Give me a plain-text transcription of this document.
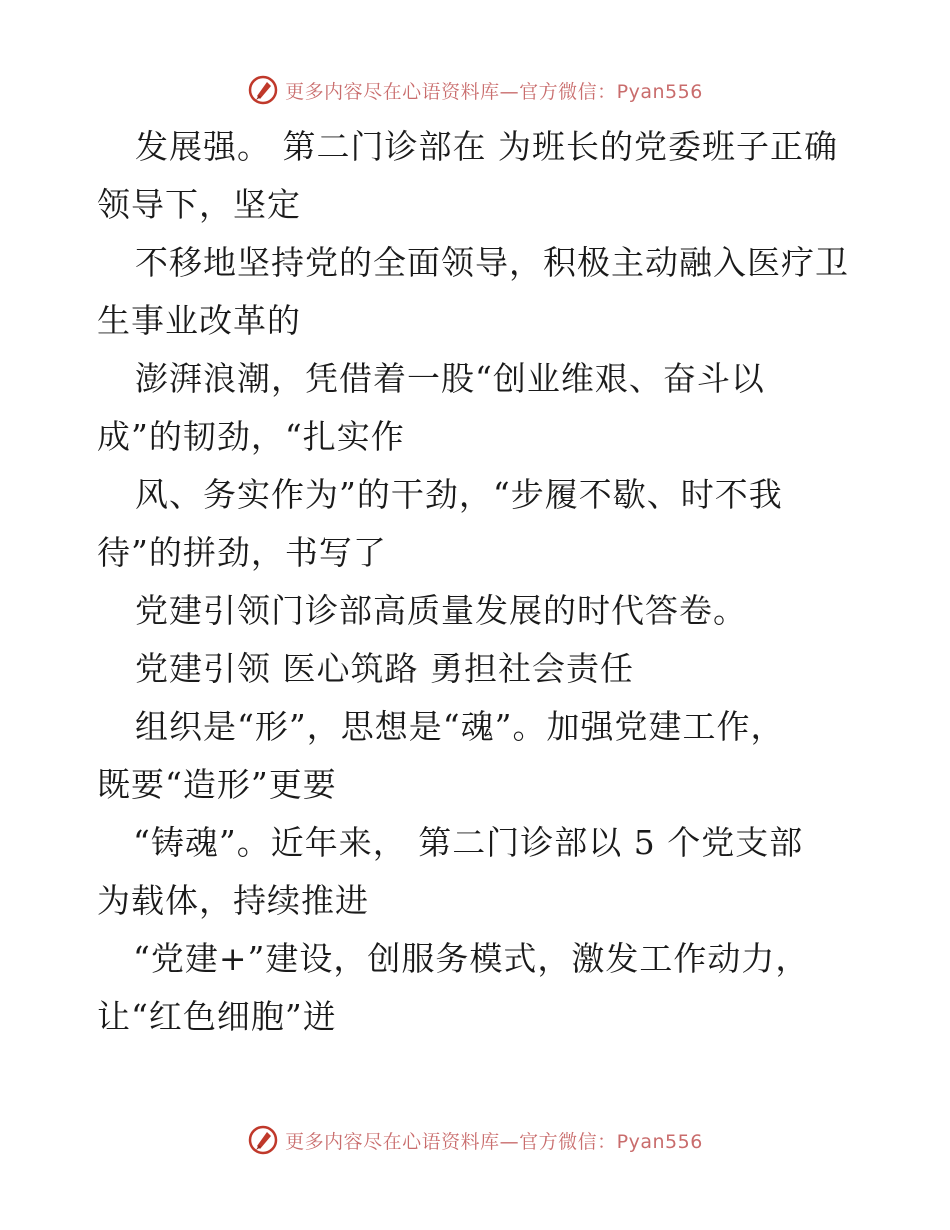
更多内容尽在心语资料库—官方微信：Pyan556
发展强。 第二门诊部在 为班长的党委班子正确
领导下，坚定
不移地坚持党的全面领导，积极主动融入医疗卫
生事业改革的
澎湃浪潮，凭借着一股“创业维艰、奋斗以
成”的韧劲，“扎实作
风、务实作为”的干劲，“步履不歇、时不我
待”的拼劲，书写了
党建引领门诊部高质量发展的时代答卷。
党建引领 医心筑路 勇担社会责任
组织是“形”，思想是“魂”。加强党建工作，
既要“造形”更要
“铸魂”。近年来， 第二门诊部以 5 个党支部
为载体，持续推进
“党建+”建设，创服务模式，激发工作动力，
让“红色细胞”迸
更多内容尽在心语资料库—官方微信：Pyan556
